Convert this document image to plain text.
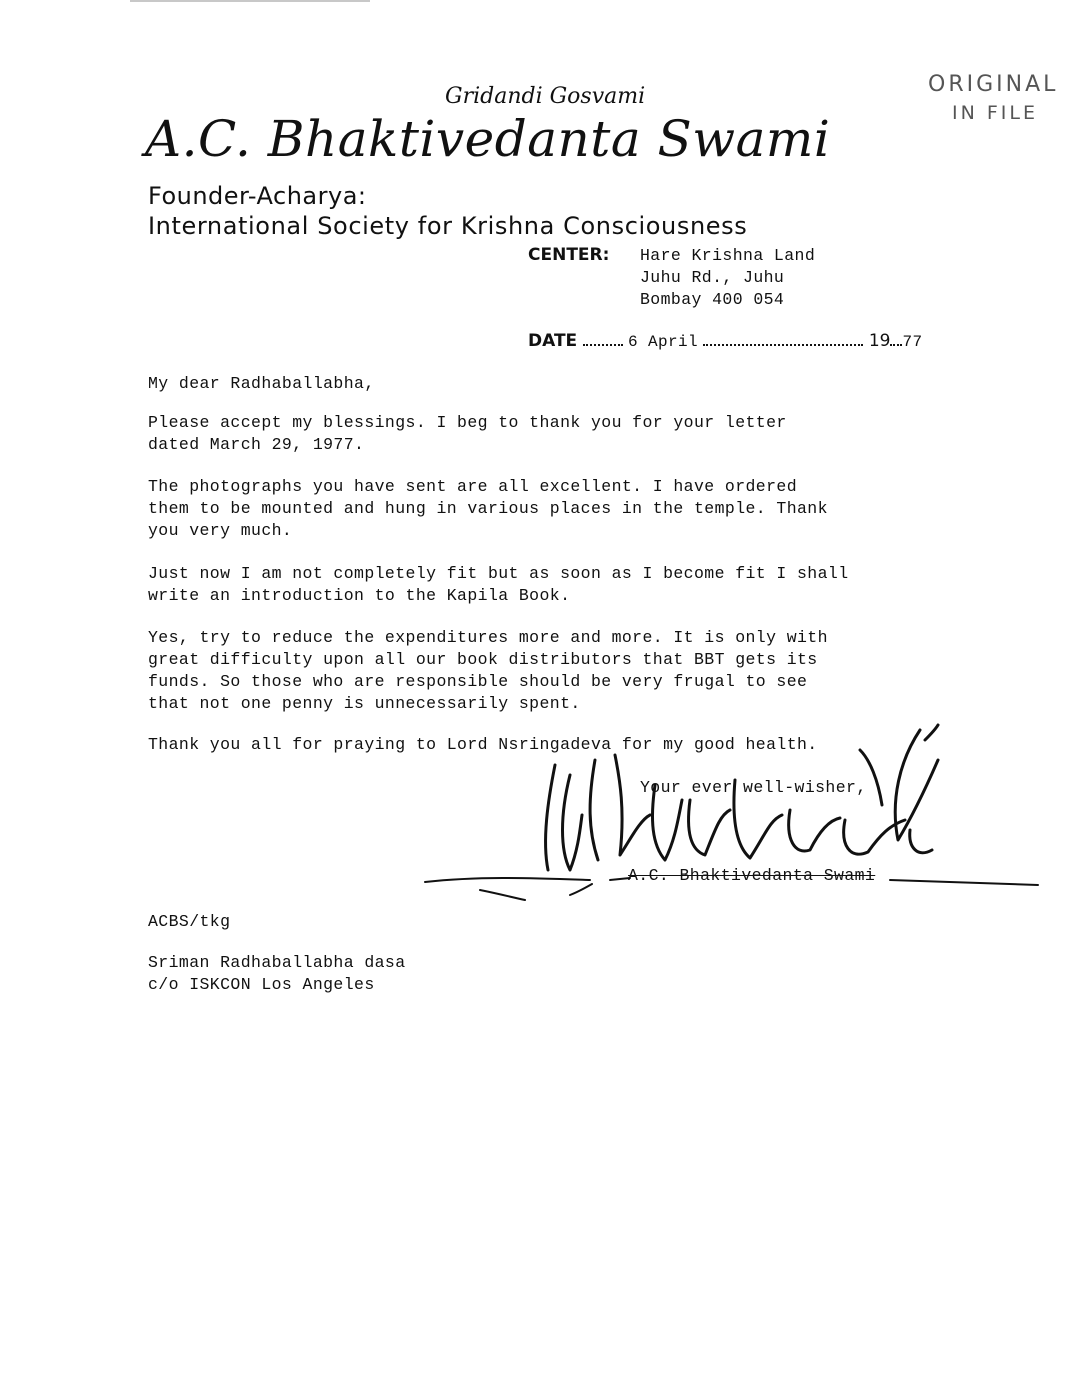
ORIGINAL
IN FILE
Gridandi Gosvami
A.C. Bhaktivedanta Swami
Founder-Acharya:
International Society for Krishna Consciousness
CENTER: Hare Krishna Land
Juhu Rd., Juhu
Bombay 400 054
DATE	6 April	19 77
My dear Radhaballabha,
Please accept my blessings. I beg to thank you for your letter
dated March 29, 1977.
The photographs you have sent are all excellent. I have ordered
them to be mounted and hung in various places in the temple. Thank
you very much.
Just now I am not completely fit but as soon as I become fit I shall
write an introduction to the Kapila Book.
Yes, try to reduce the expenditures more and more. It is only with
great difficulty upon all our book distributors that BBT gets its
funds. So those who are responsible should be very frugal to see
that not one penny is unnecessarily spent.
Thank you all for praying to Lord Nsringadeva for my good health.
Your ever well-wisher,
A.C. Bhaktivedanta Swami
ACBS/tkg
Sriman Radhaballabha dasa
c/o ISKCON Los Angeles
